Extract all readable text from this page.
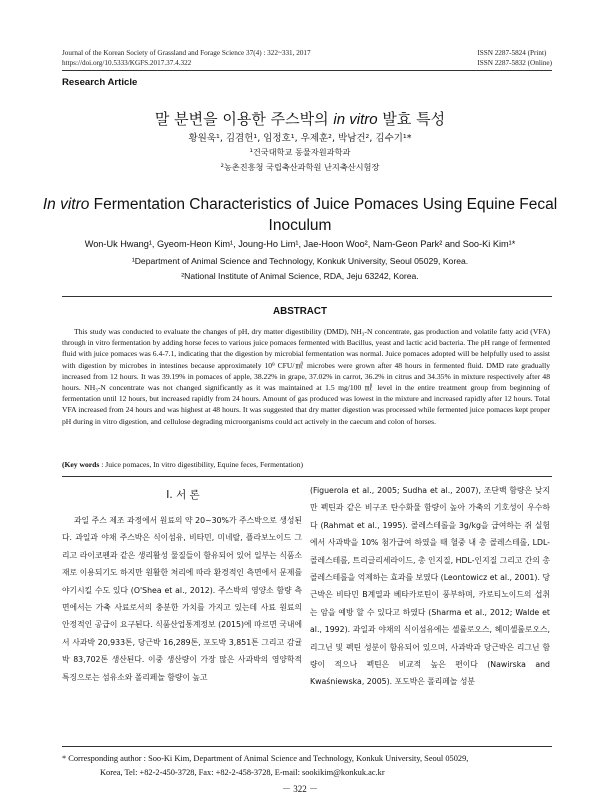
Journal of the Korean Society of Grassland and Forage Science 37(4) : 322~331, 2017
https://doi.org/10.5333/KGFS.2017.37.4.322
ISSN 2287-5824 (Print)
ISSN 2287-5832 (Online)
Research Article
말 분변을 이용한 주스박의 in vitro 발효 특성
황원욱¹, 김겸헌¹, 임정호¹, 우제훈², 박남건², 김수기¹*
¹건국대학교 동물자원과학과
²농촌진흥청 국립축산과학원 난지축산시험장
In vitro Fermentation Characteristics of Juice Pomaces Using Equine Fecal Inoculum
Won-Uk Hwang¹, Gyeom-Heon Kim¹, Joung-Ho Lim¹, Jae-Hoon Woo², Nam-Geon Park² and Soo-Ki Kim¹*
¹Department of Animal Science and Technology, Konkuk University, Seoul 05029, Korea.
²National Institute of Animal Science, RDA, Jeju 63242, Korea.
ABSTRACT
This study was conducted to evaluate the changes of pH, dry matter digestibility (DMD), NH₃-N concentrate, gas production and volatile fatty acid (VFA) through in vitro fermentation by adding horse feces to various juice pomaces fermented with Bacillus, yeast and lactic acid bacteria. The pH range of fermented fluid with juice pomaces was 6.4-7.1, indicating that the digestion by microbial fermentation was normal. Juice pomaces adopted will be helpfully used to assist with digestion by microbes in intestines because approximately 10⁹ CFU/㎖ microbes were grown after 48 hours in fermented fluid. DMD rate gradually increased from 12 hours. It was 39.19% in pomaces of apple, 38.22% in grape, 37.02% in carrot, 36.2% in citrus and 34.35% in mixture respectively after 48 hours. NH₃-N concentrate was not changed significantly as it was maintained at 1.5 mg/100 ㎖ level in the entire treatment group from beginning of fermentation until 12 hours, but increased rapidly from 24 hours. Amount of gas produced was lowest in the mixture and increased rapidly after 12 hours. Total VFA increased from 24 hours and was highest at 48 hours. It was suggested that dry matter digestion was processed while fermented juice pomaces kept proper pH during in vitro digestion, and cellulose degrading microorganisms could act actively in the caecum and colon of horses.
(Key words : Juice pomaces, In vitro digestibility, Equine feces, Fermentation)
Ⅰ. 서 론
과일 주스 제조 과정에서 원료의 약 20~30%가 주스박으로 생성된다. 과일과 야채 주스박은 식이섬유, 비타민, 미네랄, 플라보노이드 그리고 라이코펜과 같은 생리활성 물질들이 함유되어 있어 일부는 식품소재로 이용되기도 하지만 원활한 처리에 따라 환경적인 측면에서 문제를 야기시킬 수도 있다 (O'Shea et al., 2012). 주스박의 영양소 함량 측면에서는 가축 사료로서의 충분한 가치를 가지고 있는데 사료 원료의 안정적인 공급이 요구된다. 식품산업통계정보 (2015)에 따르면 국내에서 사과박 20,933톤, 당근박 16,289톤, 포도박 3,851톤 그리고 감귤박 83,702톤 생산된다. 이중 생산량이 가장 많은 사과박의 영양학적 특징으로는 섬유소와 폴리페놀 함량이 높고
(Figuerola et al., 2005; Sudha et al., 2007), 조단백 함량은 낮지만 펙틴과 같은 비구조 탄수화물 함량이 높아 가축의 기호성이 우수하다 (Rahmat et al., 1995). 콜레스테롤을 3g/kg을 급여하는 쥐 실험에서 사과박을 10% 첨가급여 하였을 때 혈중 내 총 콜레스테롤, LDL-콜레스테롤, 트리글리세라이드, 총 인지질, HDL-인지질 그리고 간의 총 콜레스테롤을 억제하는 효과를 보였다 (Leontowicz et al., 2001). 당근박은 비타민 B계열과 베타카로틴이 풍부하며, 카로티노이드의 섭취는 암을 예방 할 수 있다고 하였다 (Sharma et al., 2012; Walde et al., 1992). 과일과 야채의 식이섬유에는 셀룰로오스, 헤미셀룰로오스, 리그닌 및 펙틴 성분이 함유되어 있으며, 사과박과 당근박은 리그닌 함량이 적으나 펙틴은 비교적 높은 편이다 (Nawirska and Kwaśniewska, 2005). 포도박은 폴리페놀 성분
* Corresponding author : Soo-Ki Kim, Department of Animal Science and Technology, Konkuk University, Seoul 05029,
Korea, Tel: +82-2-450-3728, Fax: +82-2-458-3728, E-mail: sookikim@konkuk.ac.kr
－ 322 －
